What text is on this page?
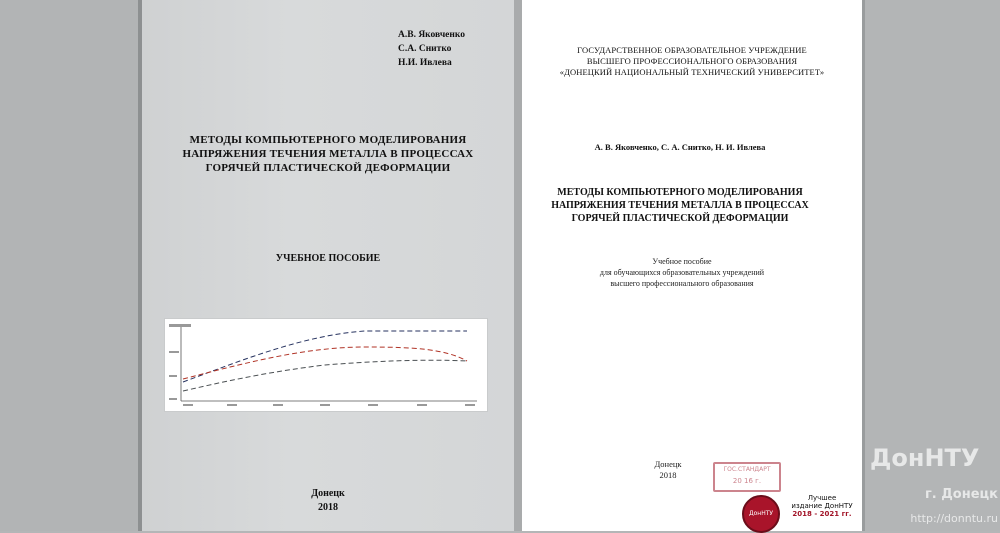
А.В. Яковченко
С.А. Снитко
Н.И. Ивлева
МЕТОДЫ КОМПЬЮТЕРНОГО МОДЕЛИРОВАНИЯ
НАПРЯЖЕНИЯ ТЕЧЕНИЯ МЕТАЛЛА В ПРОЦЕССАХ
ГОРЯЧЕЙ ПЛАСТИЧЕСКОЙ ДЕФОРМАЦИИ
УЧЕБНОЕ ПОСОБИЕ
Донецк
2018
ГОСУДАРСТВЕННОЕ ОБРАЗОВАТЕЛЬНОЕ УЧРЕЖДЕНИЕ
ВЫСШЕГО ПРОФЕССИОНАЛЬНОГО ОБРАЗОВАНИЯ
«ДОНЕЦКИЙ НАЦИОНАЛЬНЫЙ ТЕХНИЧЕСКИЙ УНИВЕРСИТЕТ»
А. В. Яковченко, С. А. Снитко, Н. И. Ивлева
МЕТОДЫ КОМПЬЮТЕРНОГО МОДЕЛИРОВАНИЯ
НАПРЯЖЕНИЯ ТЕЧЕНИЯ МЕТАЛЛА В ПРОЦЕССАХ
ГОРЯЧЕЙ ПЛАСТИЧЕСКОЙ ДЕФОРМАЦИИ
Учебное пособие
для обучающихся образовательных учреждений
высшего профессионального образования
Донецк
2018
ГОС.СТАНДАРТ
20 16 г.
ДонНТУ
Лучшее
издание ДонНТУ
2018 - 2021 гг.
ДонНТУ
г. Донецк
http://donntu.ru
